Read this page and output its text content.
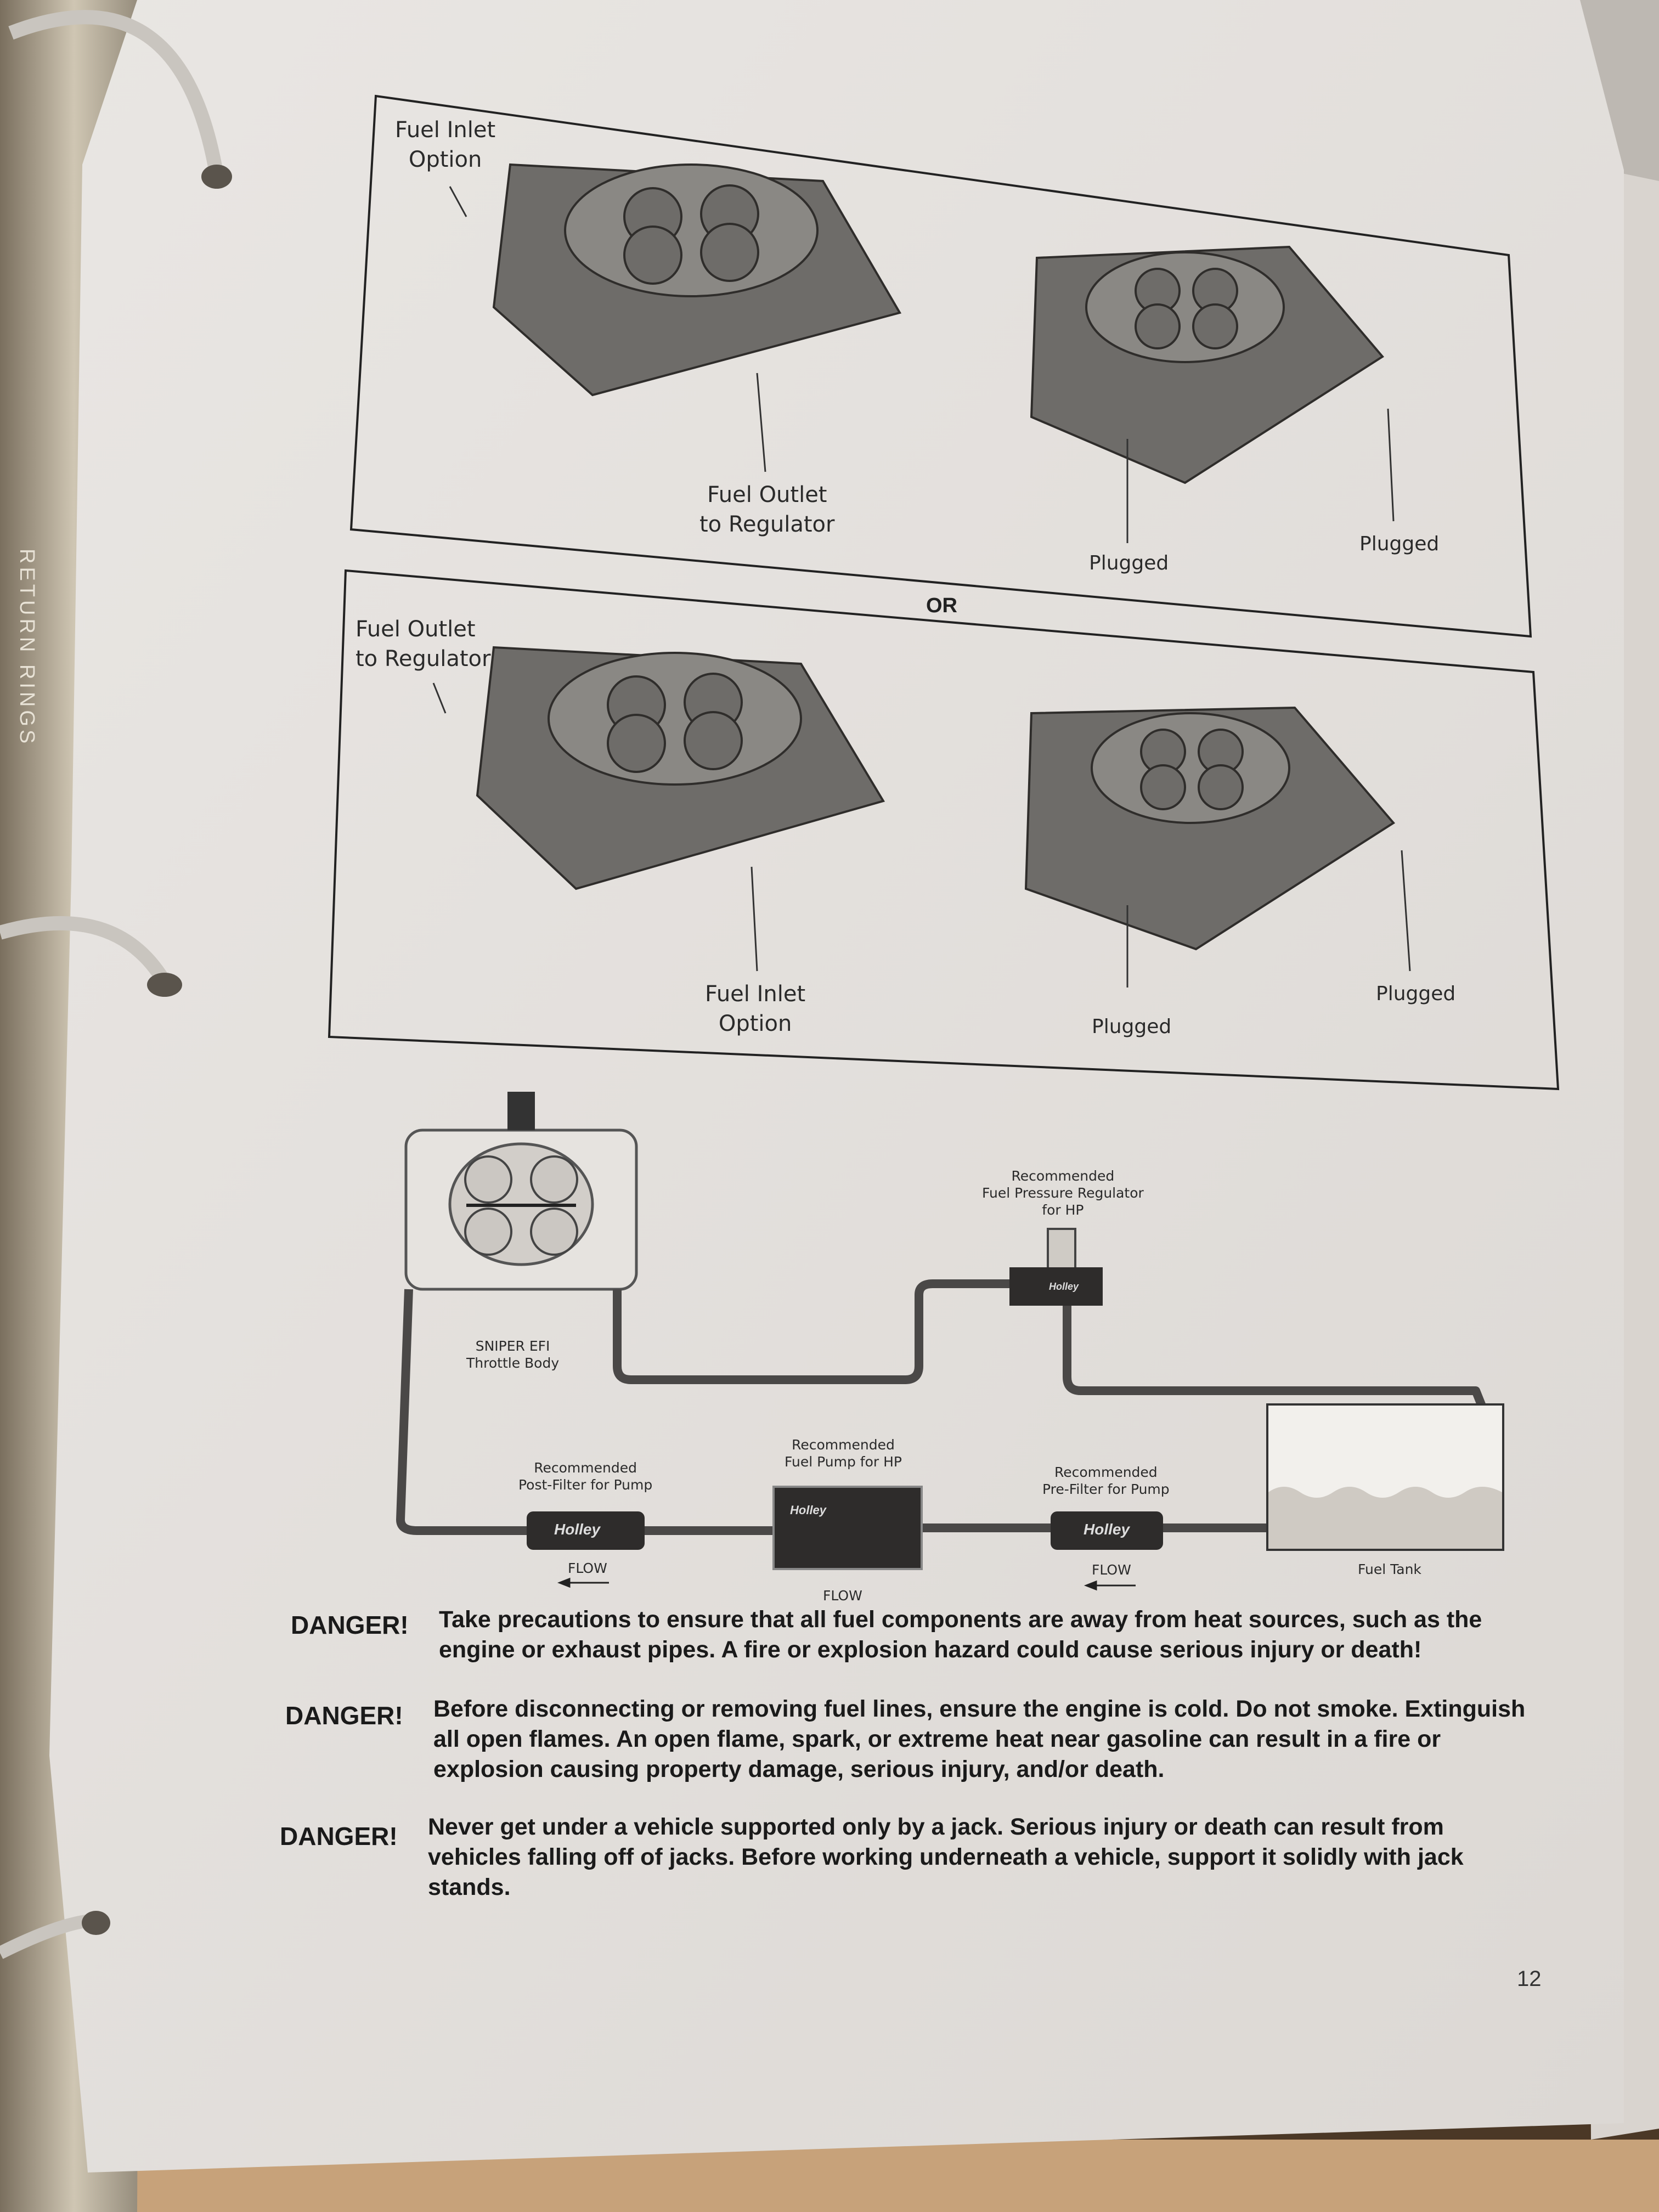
RETURN RINGS
Fuel Inlet
Option
Fuel Outlet
to Regulator
Plugged
Plugged
OR
Fuel Outlet
to Regulator
Fuel Inlet
Option	Plugged
Plugged
Holley
Holley
Holley
Holley
Recommended
Fuel Pressure Regulator
for HP
SNIPER EFI
Throttle Body
Recommended
Post-Filter for Pump
Recommended
Fuel Pump for HP
Recommended
Pre-Filter for Pump
Fuel Tank
FLOW
FLOW
FLOW
DANGER! Take precautions to ensure that all fuel components are away from heat sources, such as the engine or exhaust pipes. A fire or explosion hazard could cause serious injury or death!
DANGER! Before disconnecting or removing fuel lines, ensure the engine is cold. Do not smoke. Extinguish all open flames. An open flame, spark, or extreme heat near gasoline can result in a fire or explosion causing property damage, serious injury, and/or death.
DANGER! Never get under a vehicle supported only by a jack. Serious injury or death can result from vehicles falling off of jacks. Before working underneath a vehicle, support it solidly with jack stands.
12
